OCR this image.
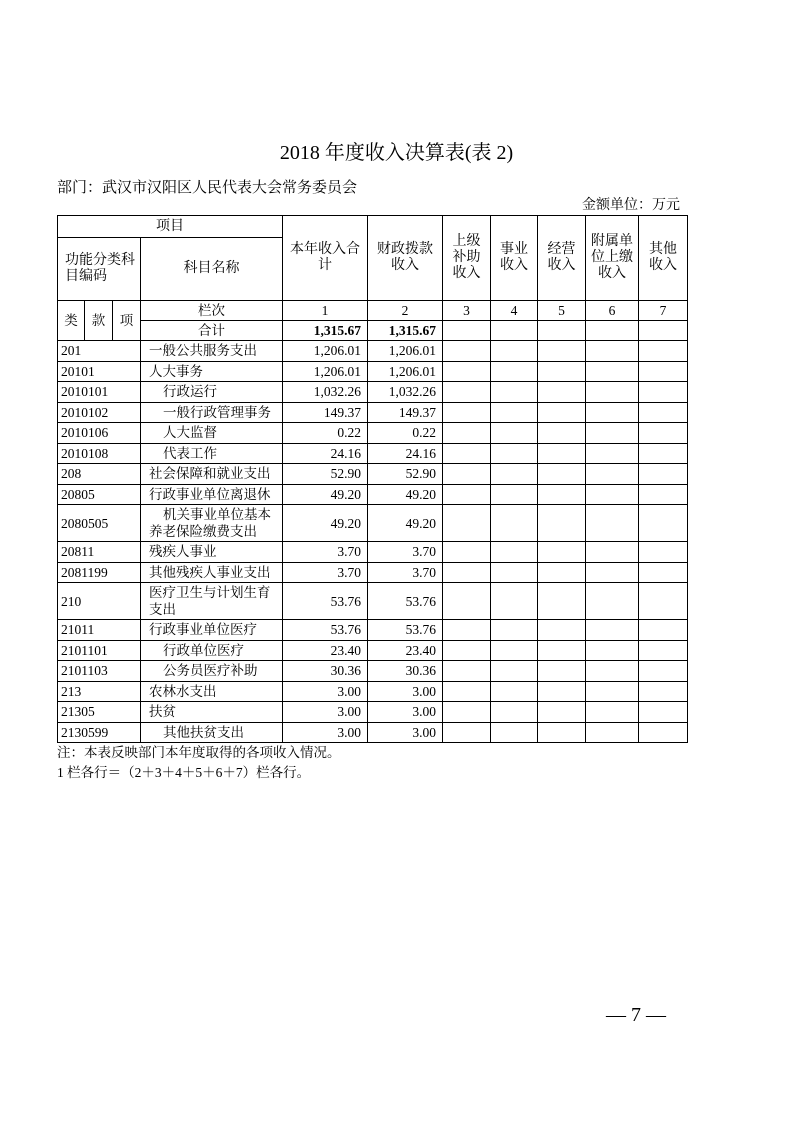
2018 年度收入决算表(表 2)
部门：武汉市汉阳区人民代表大会常务委员会
金额单位：万元
项目				本年收入合计	财政拨款收入	上级补助收入	事业收入	经营收入	附属单位上缴收入	其他收入
功能分类科目编码			科目名称							
类	款	项	栏次	1	2	3	4	5	6	7
			合计	1,315.67	1,315.67					
201			一般公共服务支出	1,206.01	1,206.01					
20101			人大事务	1,206.01	1,206.01					
2010101			行政运行	1,032.26	1,032.26					
2010102			一般行政管理事务	149.37	149.37					
2010106			人大监督	0.22	0.22					
2010108			代表工作	24.16	24.16					
208			社会保障和就业支出	52.90	52.90					
20805			行政事业单位离退休	49.20	49.20					
2080505			机关事业单位基本养老保险缴费支出	49.20	49.20					
20811			残疾人事业	3.70	3.70					
2081199			其他残疾人事业支出	3.70	3.70					
210			医疗卫生与计划生育支出	53.76	53.76					
21011			行政事业单位医疗	53.76	53.76					
2101101			行政单位医疗	23.40	23.40					
2101103			公务员医疗补助	30.36	30.36					
213			农林水支出	3.00	3.00					
21305			扶贫	3.00	3.00					
2130599			其他扶贫支出	3.00	3.00					
注：本表反映部门本年度取得的各项收入情况。
1 栏各行＝（2＋3＋4＋5＋6＋7）栏各行。
— 7 —
